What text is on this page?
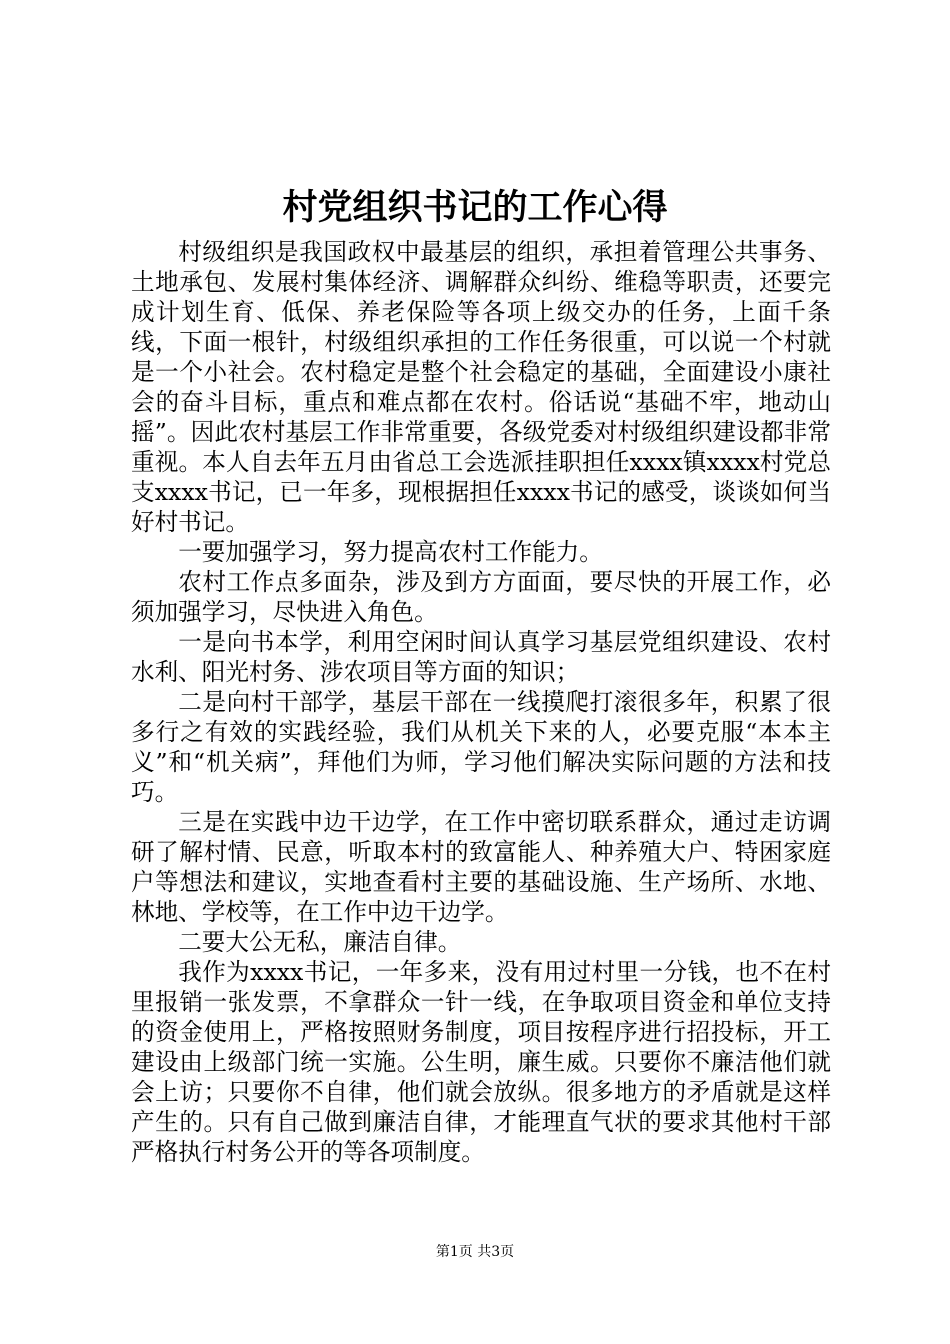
村党组织书记的工作心得

村级组织是我国政权中最基层的组织，承担着管理公共事务、土地承包、发展村集体经济、调解群众纠纷、维稳等职责，还要完成计划生育、低保、养老保险等各项上级交办的任务，上面千条线，下面一根针，村级组织承担的工作任务很重，可以说一个村就是一个小社会。农村稳定是整个社会稳定的基础，全面建设小康社会的奋斗目标，重点和难点都在农村。俗话说“基础不牢，地动山摇”。因此农村基层工作非常重要，各级党委对村级组织建设都非常重视。本人自去年五月由省总工会选派挂职担任xxxx镇xxxx村党总支xxxx书记，已一年多，现根据担任xxxx书记的感受，谈谈如何当好村书记。

一要加强学习，努力提高农村工作能力。

农村工作点多面杂，涉及到方方面面，要尽快的开展工作，必须加强学习，尽快进入角色。

一是向书本学，利用空闲时间认真学习基层党组织建设、农村水利、阳光村务、涉农项目等方面的知识；

二是向村干部学，基层干部在一线摸爬打滚很多年，积累了很多行之有效的实践经验，我们从机关下来的人，必要克服“本本主义”和“机关病”，拜他们为师，学习他们解决实际问题的方法和技巧。

三是在实践中边干边学，在工作中密切联系群众，通过走访调研了解村情、民意，听取本村的致富能人、种养殖大户、特困家庭户等想法和建议，实地查看村主要的基础设施、生产场所、水地、林地、学校等，在工作中边干边学。

二要大公无私，廉洁自律。

我作为xxxx书记，一年多来，没有用过村里一分钱，也不在村里报销一张发票，不拿群众一针一线，在争取项目资金和单位支持的资金使用上，严格按照财务制度，项目按程序进行招投标，开工建设由上级部门统一实施。公生明，廉生威。只要你不廉洁他们就会上访；只要你不自律，他们就会放纵。很多地方的矛盾就是这样产生的。只有自己做到廉洁自律，才能理直气状的要求其他村干部严格执行村务公开的等各项制度。

第1页 共3页
